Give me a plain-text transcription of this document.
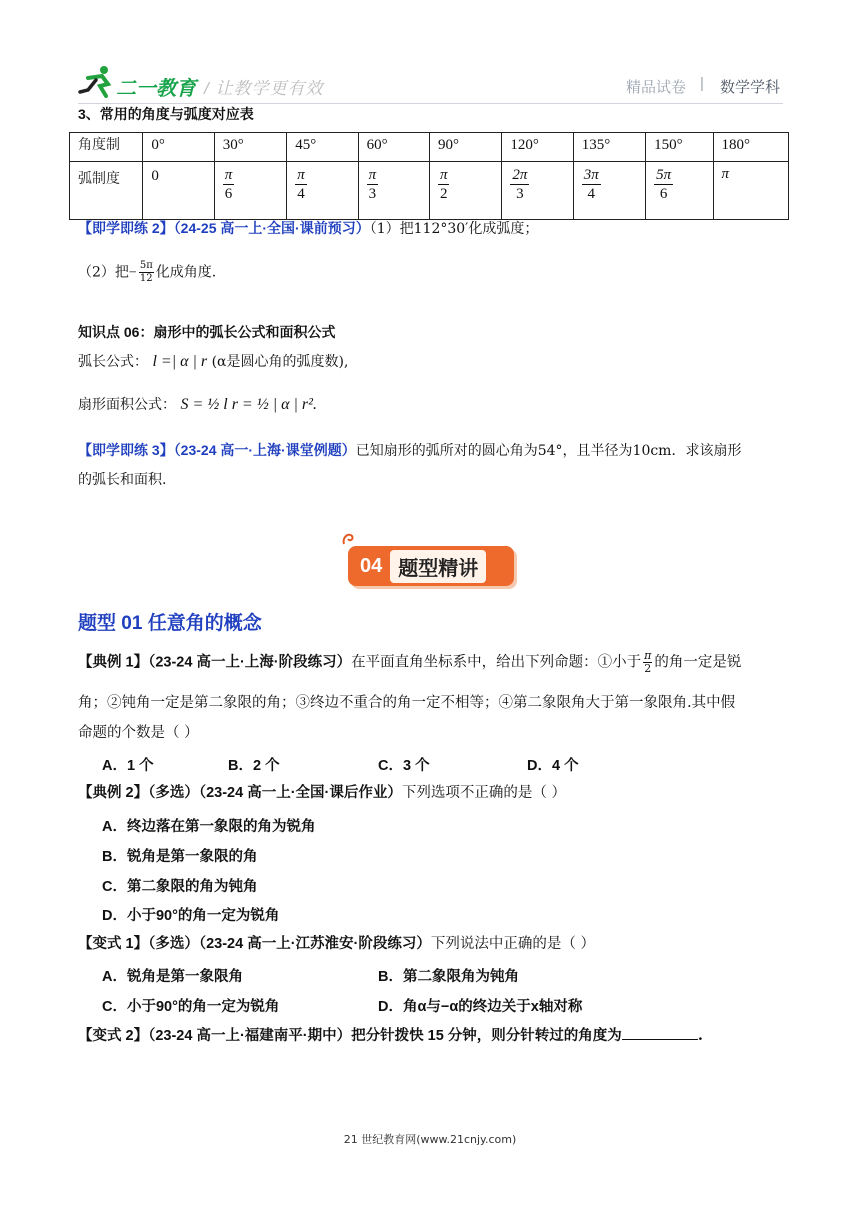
二一教育 / 让教学更有效	精品试卷 | 数学学科
3、常用的角度与弧度对应表
角度制	0°	30°	45°	60°	90°	120°	135°	150°	180°
弧制度	0	$\frac{\pi}{6}$	$\frac{\pi}{4}$	$\frac{\pi}{3}$	$\frac{\pi}{2}$	$\frac{2\pi}{3}$	$\frac{3\pi}{4}$	$\frac{5\pi}{6}$	π
【即学即练 2】（24-25 高一上·全国·课前预习）（1）把112°30′化成弧度；
（2）把− $\frac{5\pi}{12}$ 化成角度.
知识点 06：扇形中的弧长公式和面积公式
弧长公式： l =| α | r (α是圆心角的弧度数),
扇形面积公式： S = ½ l r = ½ | α | r².
【即学即练 3】（23-24 高一·上海·课堂例题）已知扇形的弧所对的圆心角为54°，且半径为10cm．求该扇形
的弧长和面积.
04 题型精讲
题型 01 任意角的概念
【典例 1】（23-24 高一上·上海·阶段练习）在平面直角坐标系中，给出下列命题：①小于 $\frac{\pi}{2}$ 的角一定是锐
角；②钝角一定是第二象限的角；③终边不重合的角一定不相等；④第二象限角大于第一象限角.其中假
命题的个数是（ ）
A．1 个	B．2 个	C．3 个	D．4 个
【典例 2】（多选）（23-24 高一上·全国·课后作业）下列选项不正确的是（ ）
A．终边落在第一象限的角为锐角
B．锐角是第一象限的角
C．第二象限的角为钝角
D．小于90°的角一定为锐角
【变式 1】（多选）（23-24 高一上·江苏淮安·阶段练习）下列说法中正确的是（ ）
A．锐角是第一象限角	B．第二象限角为钝角
C．小于90°的角一定为锐角	D．角α与−α的终边关于x轴对称
【变式 2】（23-24 高一上·福建南平·期中）把分针拨快 15 分钟，则分针转过的角度为	.
21 世纪教育网(www.21cnjy.com)
